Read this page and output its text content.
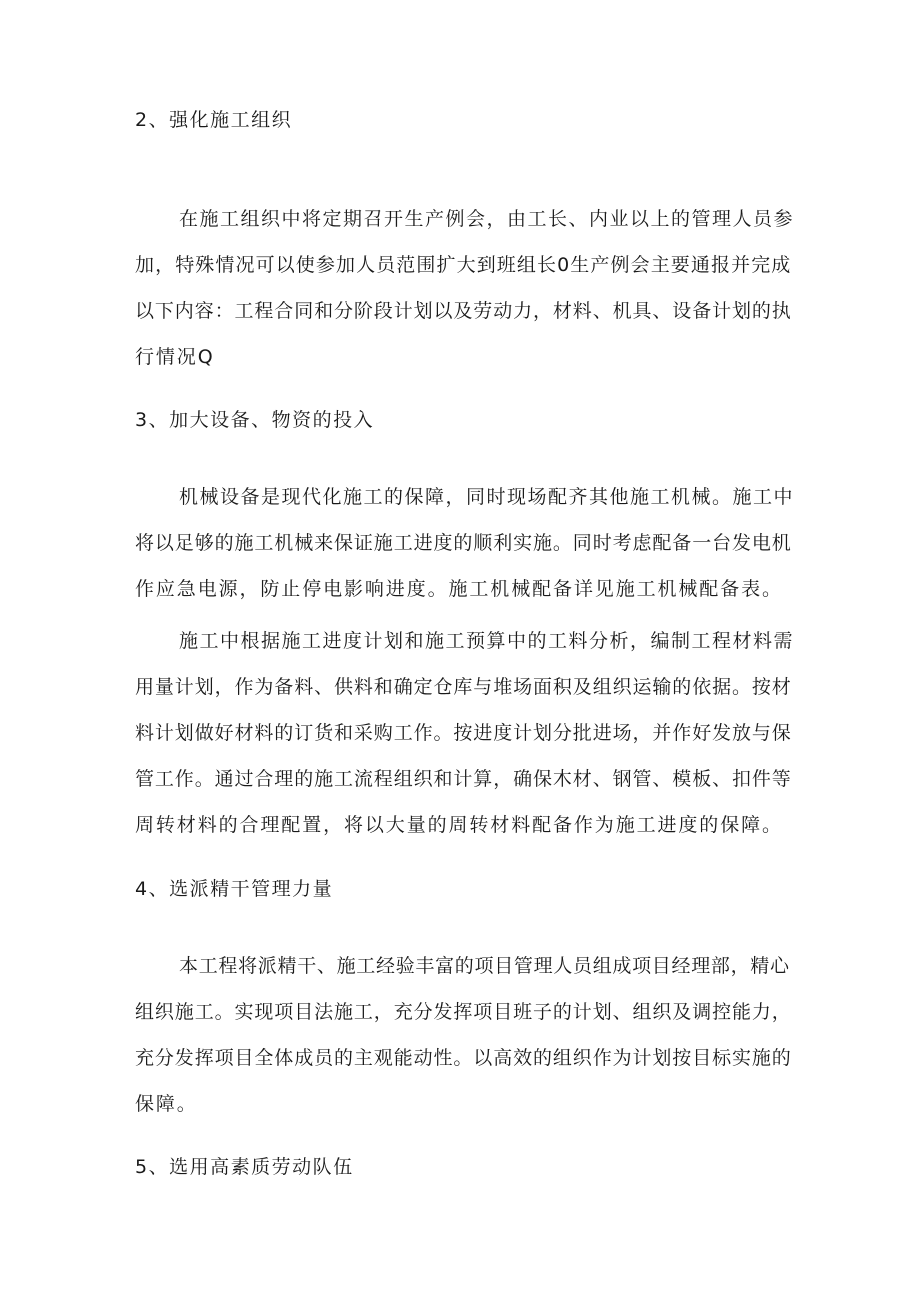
2、强化施工组织
在施工组织中将定期召开生产例会，由工长、内业以上的管理人员参
加，特殊情况可以使参加人员范围扩大到班组长0生产例会主要通报并完成
以下内容：工程合同和分阶段计划以及劳动力，材料、机具、设备计划的执
行情况Q
3、加大设备、物资的投入
机械设备是现代化施工的保障，同时现场配齐其他施工机械。施工中
将以足够的施工机械来保证施工进度的顺利实施。同时考虑配备一台发电机
作应急电源，防止停电影响进度。施工机械配备详见施工机械配备表。
施工中根据施工进度计划和施工预算中的工料分析，编制工程材料需
用量计划，作为备料、供料和确定仓库与堆场面积及组织运输的依据。按材
料计划做好材料的订货和采购工作。按进度计划分批进场，并作好发放与保
管工作。通过合理的施工流程组织和计算，确保木材、钢管、模板、扣件等
周转材料的合理配置，将以大量的周转材料配备作为施工进度的保障。
4、选派精干管理力量
本工程将派精干、施工经验丰富的项目管理人员组成项目经理部，精心
组织施工。实现项目法施工，充分发挥项目班子的计划、组织及调控能力，
充分发挥项目全体成员的主观能动性。以高效的组织作为计划按目标实施的
保障。
5、选用高素质劳动队伍
